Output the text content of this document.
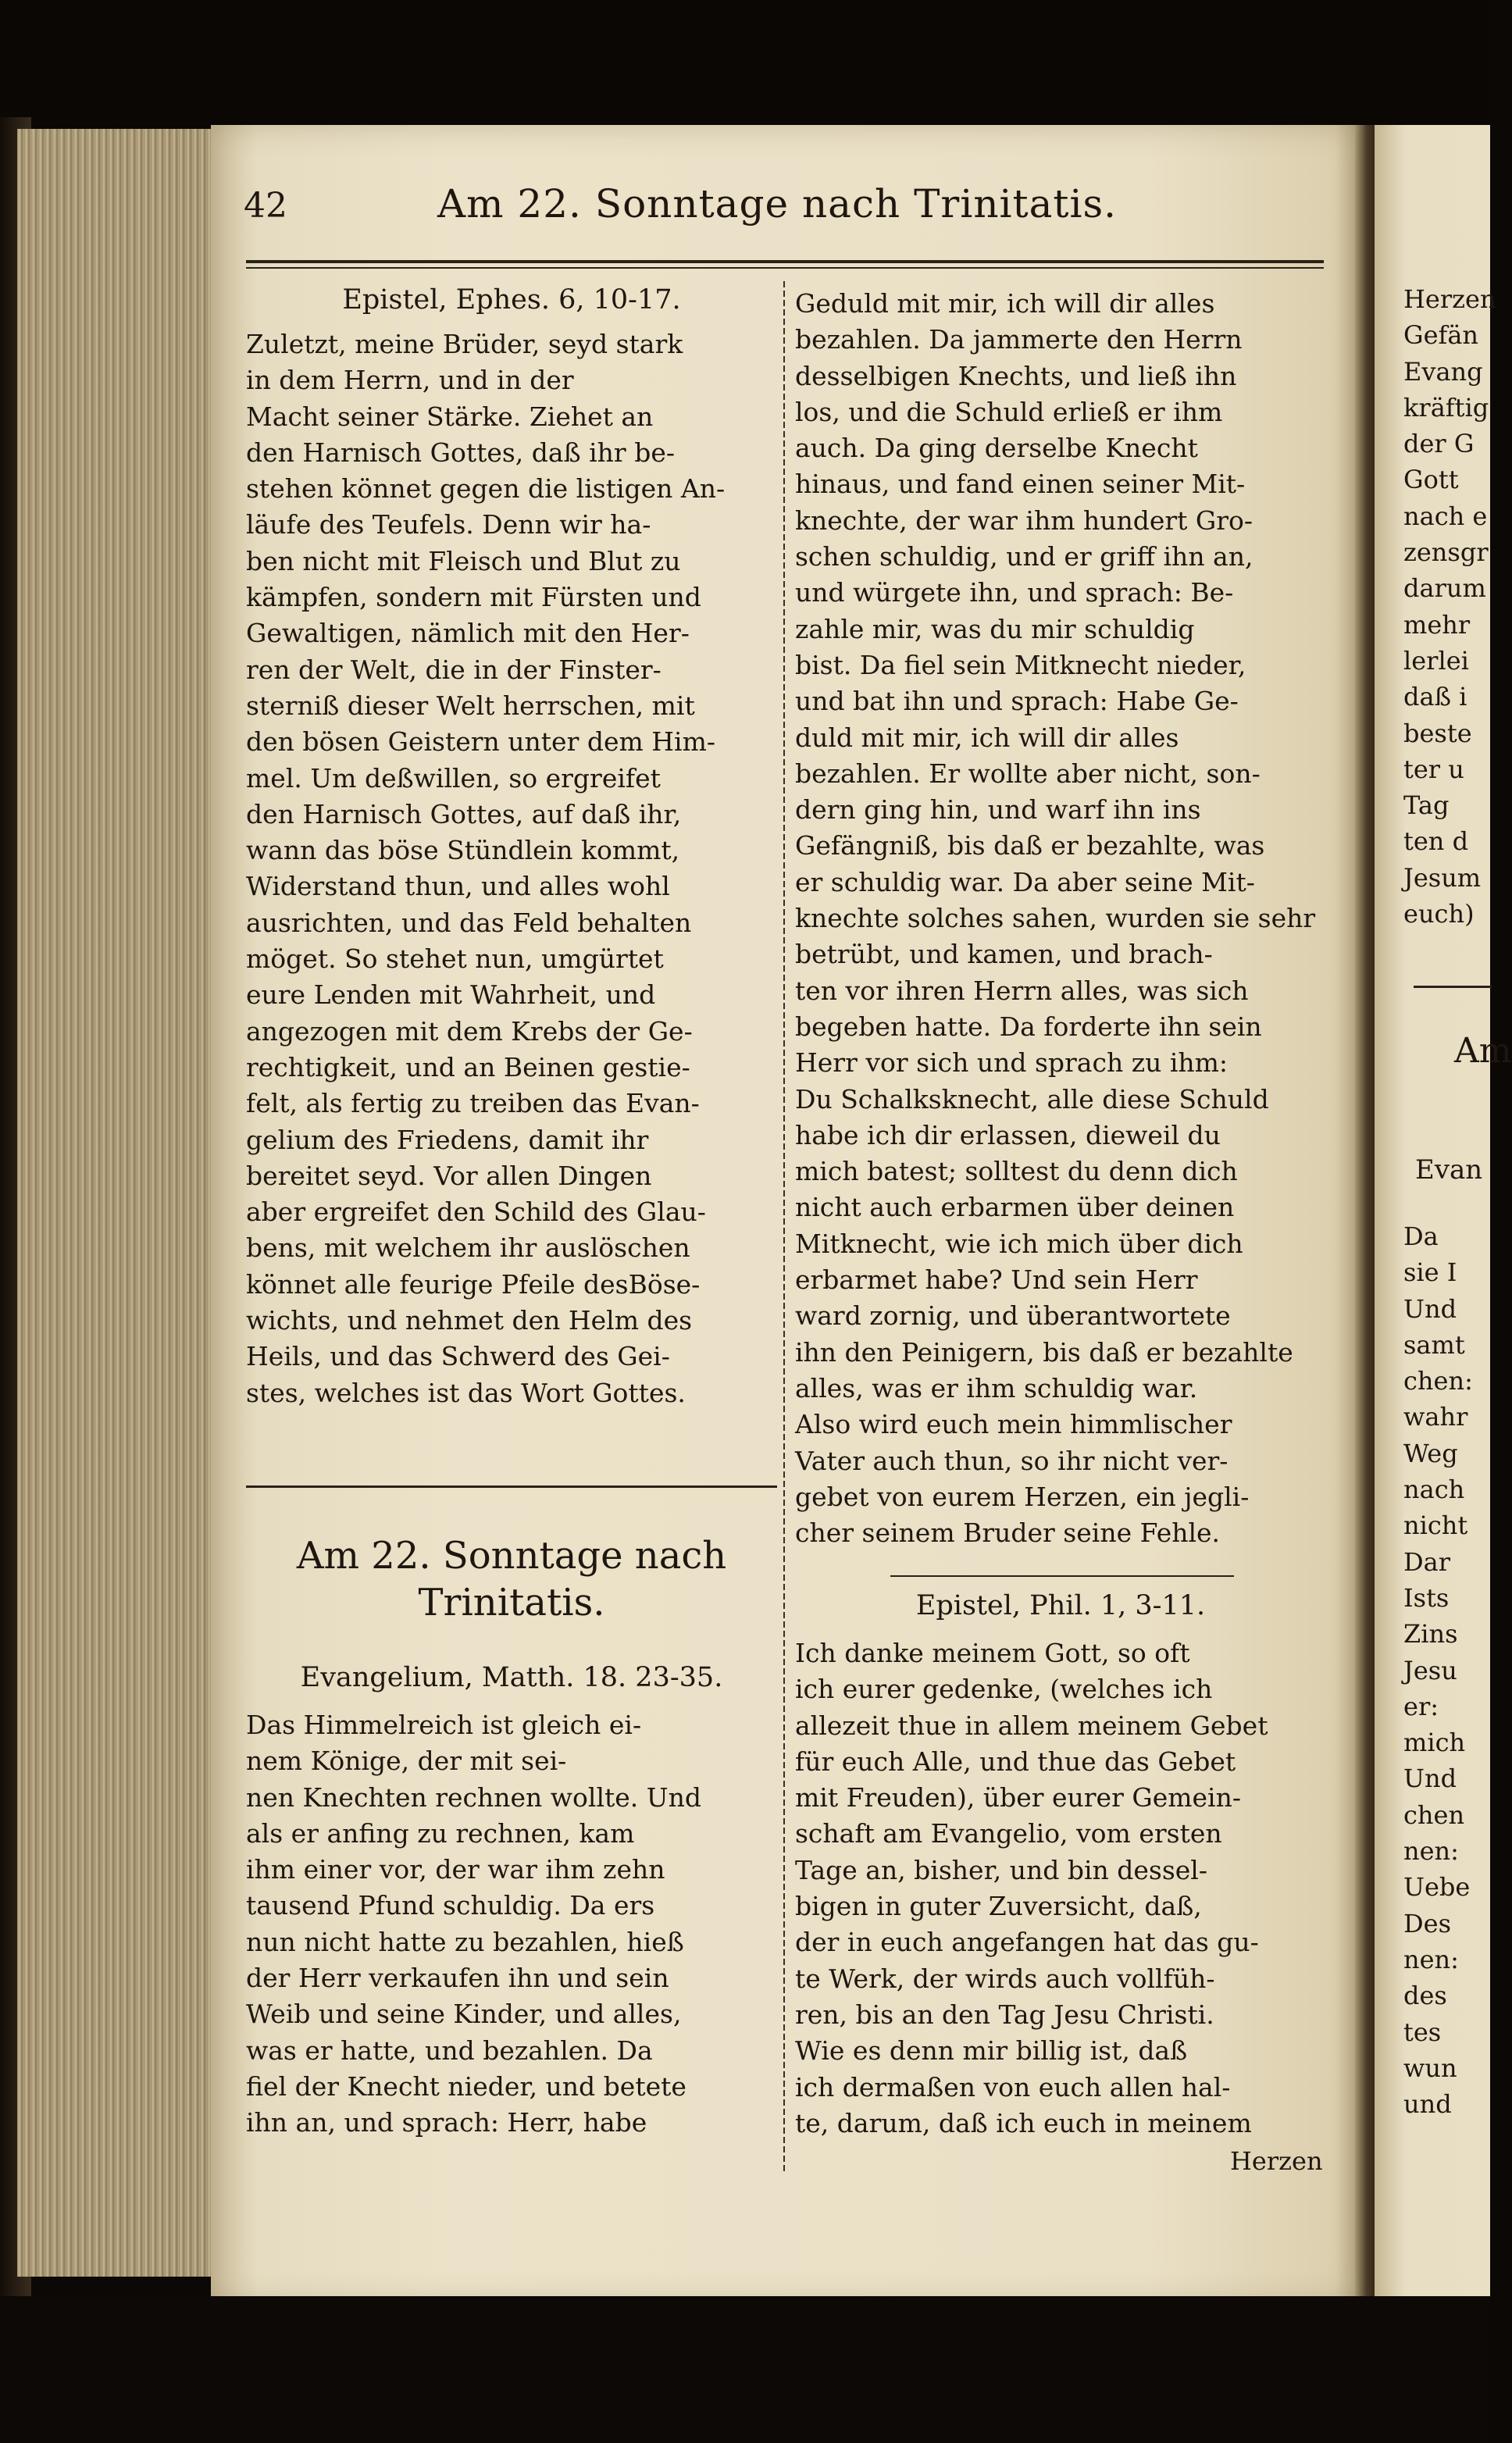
42	Am 22. Sonntage nach Trinitatis.
Epistel, Ephes. 6, 10-17.
Zuletzt, meine Brüder, seyd stark
in dem Herrn, und in der
Macht seiner Stärke. Ziehet an
den Harnisch Gottes, daß ihr be-
stehen könnet gegen die listigen An-
läufe des Teufels. Denn wir ha-
ben nicht mit Fleisch und Blut zu
kämpfen, sondern mit Fürsten und
Gewaltigen, nämlich mit den Her-
ren der Welt, die in der Finster-
sterniß dieser Welt herrschen, mit
den bösen Geistern unter dem Him-
mel. Um deßwillen, so ergreifet
den Harnisch Gottes, auf daß ihr,
wann das böse Stündlein kommt,
Widerstand thun, und alles wohl
ausrichten, und das Feld behalten
möget. So stehet nun, umgürtet
eure Lenden mit Wahrheit, und
angezogen mit dem Krebs der Ge-
rechtigkeit, und an Beinen gestie-
felt, als fertig zu treiben das Evan-
gelium des Friedens, damit ihr
bereitet seyd. Vor allen Dingen
aber ergreifet den Schild des Glau-
bens, mit welchem ihr auslöschen
könnet alle feurige Pfeile desBöse-
wichts, und nehmet den Helm des
Heils, und das Schwerd des Gei-
stes, welches ist das Wort Gottes.
Am 22. Sonntage nach
Trinitatis.
Evangelium, Matth. 18. 23-35.
Das Himmelreich ist gleich ei-
nem Könige, der mit sei-
nen Knechten rechnen wollte. Und
als er anfing zu rechnen, kam
ihm einer vor, der war ihm zehn
tausend Pfund schuldig. Da ers
nun nicht hatte zu bezahlen, hieß
der Herr verkaufen ihn und sein
Weib und seine Kinder, und alles,
was er hatte, und bezahlen. Da
fiel der Knecht nieder, und betete
ihn an, und sprach: Herr, habe
Geduld mit mir, ich will dir alles
bezahlen. Da jammerte den Herrn
desselbigen Knechts, und ließ ihn
los, und die Schuld erließ er ihm
auch. Da ging derselbe Knecht
hinaus, und fand einen seiner Mit-
knechte, der war ihm hundert Gro-
schen schuldig, und er griff ihn an,
und würgete ihn, und sprach: Be-
zahle mir, was du mir schuldig
bist. Da fiel sein Mitknecht nieder,
und bat ihn und sprach: Habe Ge-
duld mit mir, ich will dir alles
bezahlen. Er wollte aber nicht, son-
dern ging hin, und warf ihn ins
Gefängniß, bis daß er bezahlte, was
er schuldig war. Da aber seine Mit-
knechte solches sahen, wurden sie sehr
betrübt, und kamen, und brach-
ten vor ihren Herrn alles, was sich
begeben hatte. Da forderte ihn sein
Herr vor sich und sprach zu ihm:
Du Schalksknecht, alle diese Schuld
habe ich dir erlassen, dieweil du
mich batest; solltest du denn dich
nicht auch erbarmen über deinen
Mitknecht, wie ich mich über dich
erbarmet habe? Und sein Herr
ward zornig, und überantwortete
ihn den Peinigern, bis daß er bezahlte
alles, was er ihm schuldig war.
Also wird euch mein himmlischer
Vater auch thun, so ihr nicht ver-
gebet von eurem Herzen, ein jegli-
cher seinem Bruder seine Fehle.
Epistel, Phil. 1, 3-11.
Ich danke meinem Gott, so oft
ich eurer gedenke, (welches ich
allezeit thue in allem meinem Gebet
für euch Alle, und thue das Gebet
mit Freuden), über eurer Gemein-
schaft am Evangelio, vom ersten
Tage an, bisher, und bin dessel-
bigen in guter Zuversicht, daß,
der in euch angefangen hat das gu-
te Werk, der wirds auch vollfüh-
ren, bis an den Tag Jesu Christi.
Wie es denn mir billig ist, daß
ich dermaßen von euch allen hal-
te, darum, daß ich euch in meinem
Herzen
Herzen
Gefän
Evang
kräftig
der G
Gott
nach e
zensgr
darum
mehr
lerlei
daß i
beste
ter u
Tag
ten d
Jesum
euch)
Am
Evan
Da
sie I
Und
samt
chen:
wahr
Weg
nach
nicht
Dar
Ists
Zins
Jesu
er:
mich
Und
chen
nen:
Uebe
Des
nen:
des
tes
wun
und
